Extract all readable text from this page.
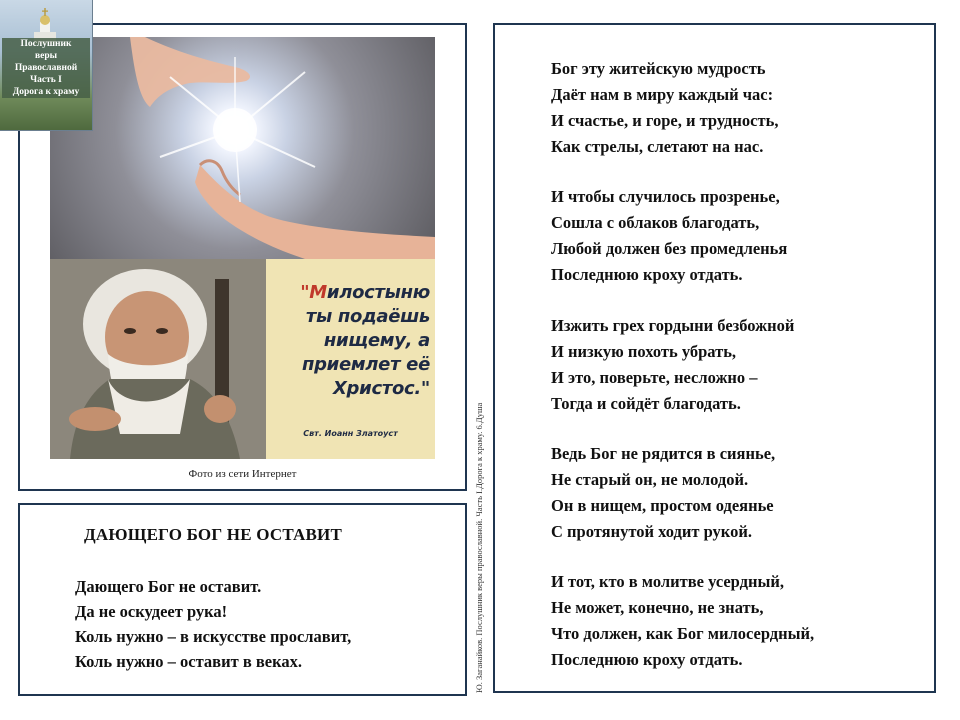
Послушник
веры
Православной
Часть I
Дорога к храму
"Милостыню
ты подаёшь
нищему, а
приемлет её
Христос."
Свт. Иоанн Златоуст
Фото из сети Интернет
ДАЮЩЕГО БОГ НЕ ОСТАВИТ
Дающего Бог не оставит.
Да не оскудеет рука!
Коль нужно – в искусстве прославит,
Коль нужно – оставит в веках.	Ю. Заганайков. Послушник веры православной. Часть I.Дорога к храму. 6.Душа
Бог эту житейскую мудрость
Даёт нам в миру каждый час:
И счастье, и горе, и трудность,
Как стрелы, слетают на нас.
И чтобы случилось прозренье,
Сошла с облаков благодать,
Любой должен без промедленья
Последнюю кроху отдать.
Изжить грех гордыни безбожной
И низкую похоть убрать,
И это, поверьте, несложно –
Тогда и сойдёт благодать.
Ведь Бог не рядится в сиянье,
Не старый он, не молодой.
Он в нищем, простом одеянье
С протянутой ходит рукой.
И тот, кто в молитве усердный,
Не может, конечно, не знать,
Что должен, как Бог милосердный,
Последнюю кроху отдать.
